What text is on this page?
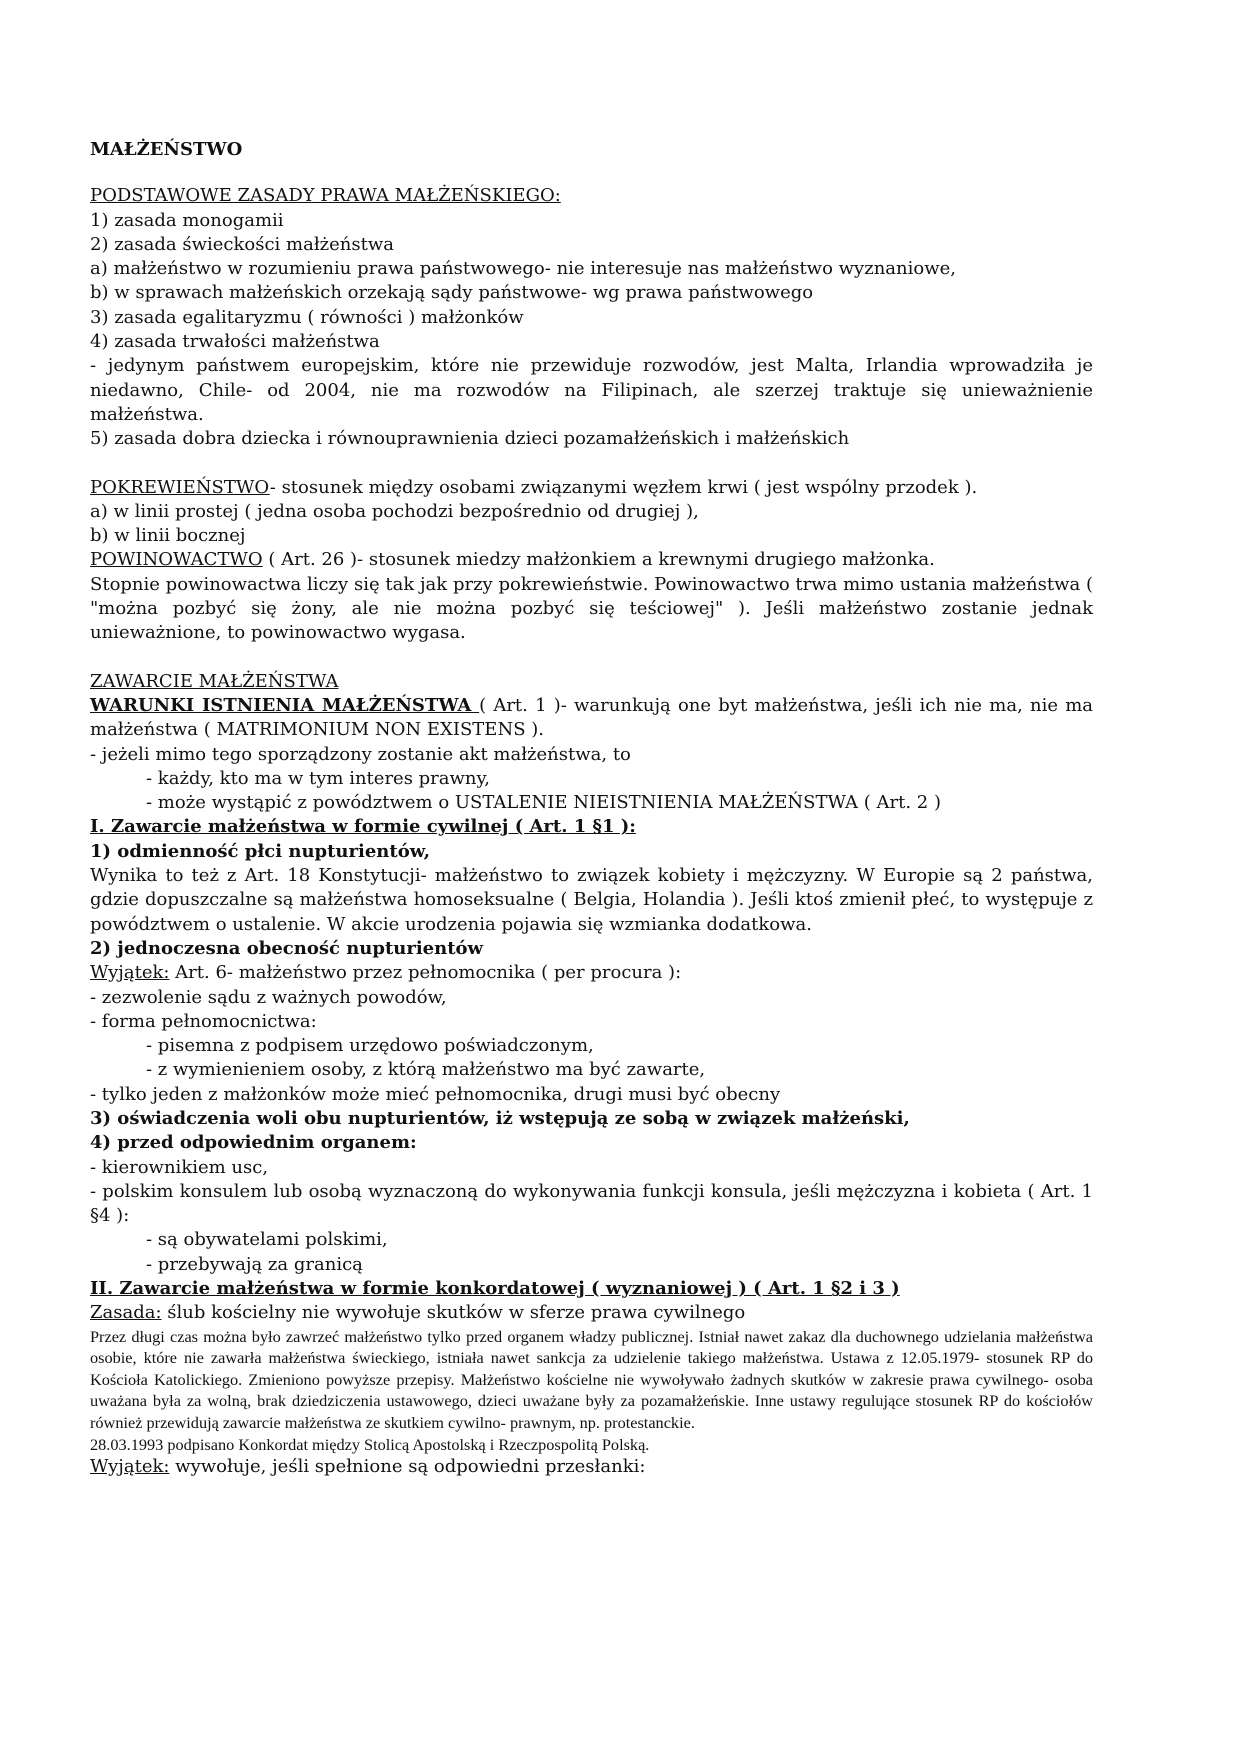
MAŁŻEŃSTWO
PODSTAWOWE ZASADY PRAWA MAŁŻEŃSKIEGO:
1) zasada monogamii
2) zasada świeckości małżeństwa
a) małżeństwo w rozumieniu prawa państwowego- nie interesuje nas małżeństwo wyznaniowe,
b) w sprawach małżeńskich orzekają sądy państwowe- wg prawa państwowego
3) zasada egalitaryzmu ( równości ) małżonków
4) zasada trwałości małżeństwa
- jedynym państwem europejskim, które nie przewiduje rozwodów, jest Malta, Irlandia wprowadziła je niedawno, Chile- od 2004, nie ma rozwodów na Filipinach, ale szerzej traktuje się unieważnienie małżeństwa.
5) zasada dobra dziecka i równouprawnienia dzieci pozamałżeńskich i małżeńskich
POKREWIEŃSTWO- stosunek między osobami związanymi węzłem krwi ( jest wspólny przodek ).
a) w linii prostej ( jedna osoba pochodzi bezpośrednio od drugiej ),
b) w linii bocznej
POWINOWACTWO ( Art. 26 )- stosunek miedzy małżonkiem a krewnymi drugiego małżonka.
Stopnie powinowactwa liczy się tak jak przy pokrewieństwie. Powinowactwo trwa mimo ustania małżeństwa ( "można pozbyć się żony, ale nie można pozbyć się teściowej" ). Jeśli małżeństwo zostanie jednak unieważnione, to powinowactwo wygasa.
ZAWARCIE MAŁŻEŃSTWA
WARUNKI ISTNIENIA MAŁŻEŃSTWA ( Art. 1 )- warunkują one byt małżeństwa, jeśli ich nie ma, nie ma małżeństwa ( MATRIMONIUM NON EXISTENS ).
- jeżeli mimo tego sporządzony zostanie akt małżeństwa, to
- każdy, kto ma w tym interes prawny,
- może wystąpić z powództwem o USTALENIE NIEISTNIENIA MAŁŻEŃSTWA ( Art. 2 )
I. Zawarcie małżeństwa w formie cywilnej ( Art. 1 §1 ):
1) odmienność płci nupturientów,
Wynika to też z Art. 18 Konstytucji- małżeństwo to związek kobiety i mężczyzny. W Europie są 2 państwa, gdzie dopuszczalne są małżeństwa homoseksualne ( Belgia, Holandia ). Jeśli ktoś zmienił płeć, to występuje z powództwem o ustalenie. W akcie urodzenia pojawia się wzmianka dodatkowa.
2) jednoczesna obecność nupturientów
Wyjątek: Art. 6- małżeństwo przez pełnomocnika ( per procura ):
- zezwolenie sądu z ważnych powodów,
- forma pełnomocnictwa:
- pisemna z podpisem urzędowo poświadczonym,
- z wymienieniem osoby, z którą małżeństwo ma być zawarte,
- tylko jeden z małżonków może mieć pełnomocnika, drugi musi być obecny
3) oświadczenia woli obu nupturientów, iż wstępują ze sobą w związek małżeński,
4) przed odpowiednim organem:
- kierownikiem usc,
- polskim konsulem lub osobą wyznaczoną do wykonywania funkcji konsula, jeśli mężczyzna i kobieta ( Art. 1 §4 ):
- są obywatelami polskimi,
- przebywają za granicą
II. Zawarcie małżeństwa w formie konkordatowej ( wyznaniowej ) ( Art. 1 §2 i 3 )
Zasada: ślub kościelny nie wywołuje skutków w sferze prawa cywilnego
Przez długi czas można było zawrzeć małżeństwo tylko przed organem władzy publicznej. Istniał nawet zakaz dla duchownego udzielania małżeństwa osobie, które nie zawarła małżeństwa świeckiego, istniała nawet sankcja za udzielenie takiego małżeństwa. Ustawa z 12.05.1979- stosunek RP do Kościoła Katolickiego. Zmieniono powyższe przepisy. Małżeństwo kościelne nie wywoływało żadnych skutków w zakresie prawa cywilnego- osoba uważana była za wolną, brak dziedziczenia ustawowego, dzieci uważane były za pozamałżeńskie. Inne ustawy regulujące stosunek RP do kościołów również przewidują zawarcie małżeństwa ze skutkiem cywilno- prawnym, np. protestanckie.
28.03.1993 podpisano Konkordat między Stolicą Apostolską i Rzeczpospolitą Polską.
Wyjątek: wywołuje, jeśli spełnione są odpowiedni przesłanki:
